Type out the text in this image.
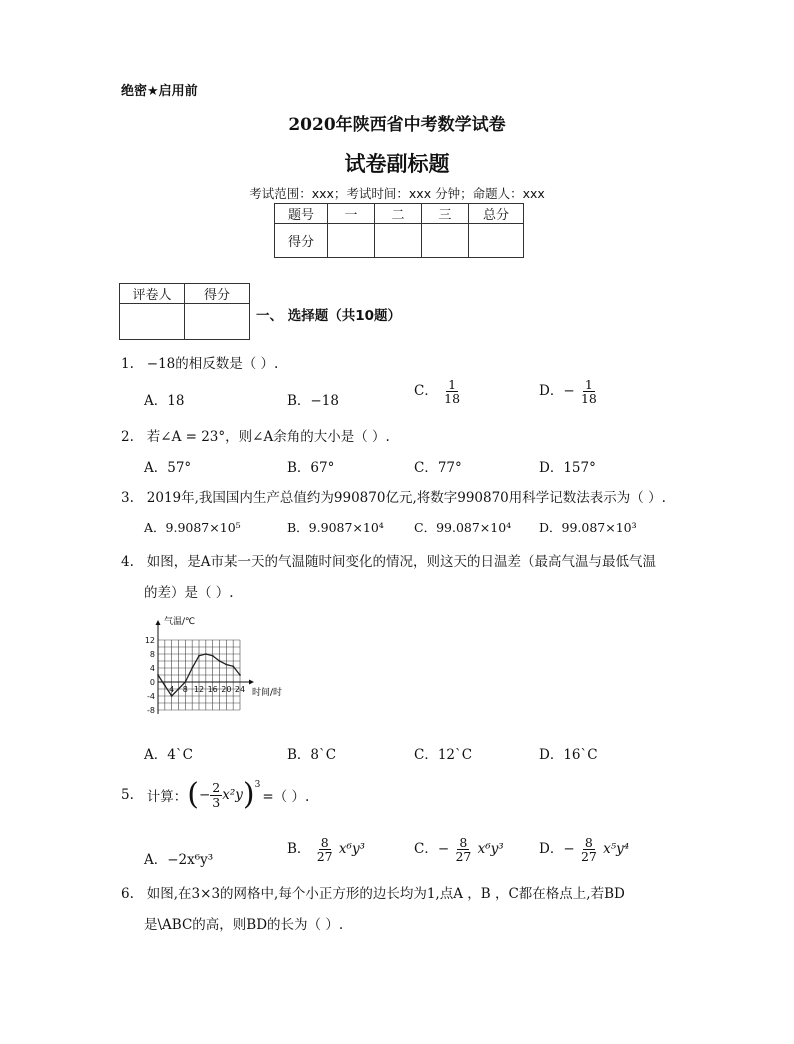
绝密★启用前
2020年陕西省中考数学试卷
试卷副标题
考试范围：xxx；考试时间：xxx 分钟；命题人：xxx
题号	一	二	三	总分
得分				
评卷人	得分

一、 选择题（共10题）
1. −18的相反数是（ ）.
A．18	B．−18
C． $\frac{1}{18}$	D．− $\frac{1}{18}$
2. 若∠A = 23°，则∠A余角的大小是（ ）.
A．57°	B．67°	C．77°	D．157°
3.   2019年,我国国内生产总值约为990870亿元,将数字990870用科学记数法表示为（ ）.
A．9.9087×10⁵	B．9.9087×10⁴ C．99.087×10⁴ D．99.087×10³
4. 如图，是A市某一天的气温随时间变化的情况，则这天的日温差（最高气温与最低气温
的差）是（ ）.
12
8
4
0
-4
-8
4 8 12 16 20 24
气温/℃
时间/时
A．4ˋC	B．8ˋC	C．12ˋC	D．16ˋC
5.
计算： ( − $\frac{2}{3} x^2y$ )$^3$
=（ ）.
A．−2x⁶y³
B． $\frac{8}{27} x^6y^3$	C．− $\frac{8}{27} x^6y^3$	D．− $\frac{8}{27} x^5y^4$
6. 如图,在3×3的网格中,每个小正方形的边长均为1,点A ，B ，C都在格点上,若BD
是\ABC的高，则BD的长为（ ）.
